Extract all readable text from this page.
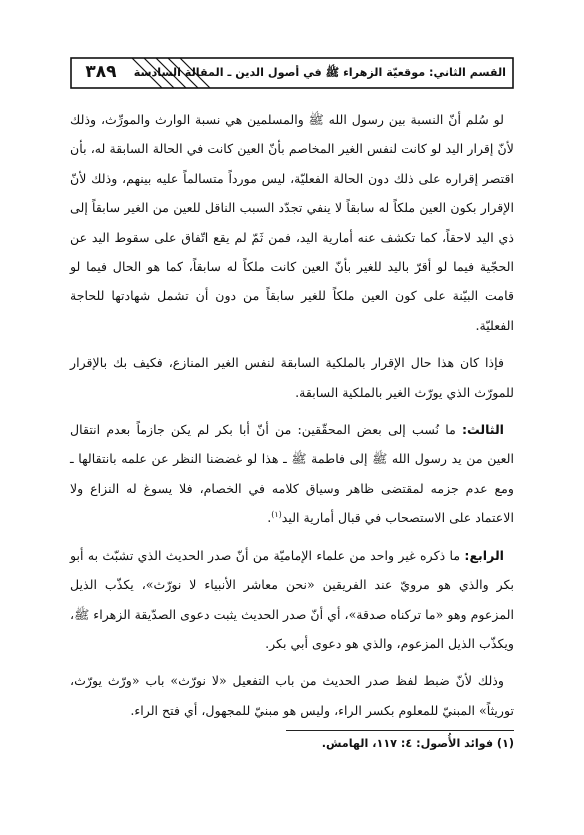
٣٨٩	القسم الثاني: موقعيّة الزهراء ﷺ في أصول الدين ـ المقالة السادسة

لو سُلم أنّ النسبة بين رسول الله ﷺ والمسلمين هي نسبة الوارث والمورِّث، وذلك لأنّ إقرار اليد لو كانت لنفس الغير المخاصم بأنّ العين كانت في الحالة السابقة له، بأن اقتصر إقراره على ذلك دون الحالة الفعليّة، ليس مورداً متسالماً عليه بينهم، وذلك لأنّ الإقرار بكون العين ملكاً له سابقاً لا ينفي تجدّد السبب الناقل للعين من الغير سابقاً إلى ذي اليد لاحقاً، كما تكشف عنه أمارية اليد، فمن ثَمّ لم يقع اتّفاق على سقوط اليد عن الحجّية فيما لو أقرّ باليد للغير بأنّ العين كانت ملكاً له سابقاً، كما هو الحال فيما لو قامت البيّنة على كون العين ملكاً للغير سابقاً من دون أن تشمل شهادتها للحاجة الفعليّة.

فإذا كان هذا حال الإقرار بالملكية السابقة لنفس الغير المنازع، فكيف بك بالإقرار للمورّث الذي يورّث الغير بالملكية السابقة.

الثالث: ما نُسب إلى بعض المحقّقين: من أنّ أبا بكر لم يكن جازماً بعدم انتقال العين من يد رسول الله ﷺ إلى فاطمة ﷺ ـ هذا لو غضضنا النظر عن علمه بانتقالها ـ ومع عدم جزمه لمقتضى ظاهر وسياق كلامه في الخصام، فلا يسوغ له النزاع ولا الاعتماد على الاستصحاب في قبال أمارية اليد$^{(١)}$.

الرابع: ما ذكره غير واحد من علماء الإماميّة من أنّ صدر الحديث الذي تشبّث به أبو بكر والذي هو مرويّ عند الفريقين «نحن معاشر الأنبياء لا نورّث»، يكذّب الذيل المزعوم وهو «ما تركناه صدقة»، أي أنّ صدر الحديث يثبت دعوى الصدّيقة الزهراء ﷺ، ويكذّب الذيل المزعوم، والذي هو دعوى أبي بكر.

وذلك لأنّ ضبط لفظ صدر الحديث من باب التفعيل «لا نورّث» باب «ورّث يورّث، توريثاً» المبنيّ للمعلوم بكسر الراء، وليس هو مبنيّ للمجهول، أي فتح الراء.

(١) فوائد الأُصول: ٤: ١١٧، الهامش.
